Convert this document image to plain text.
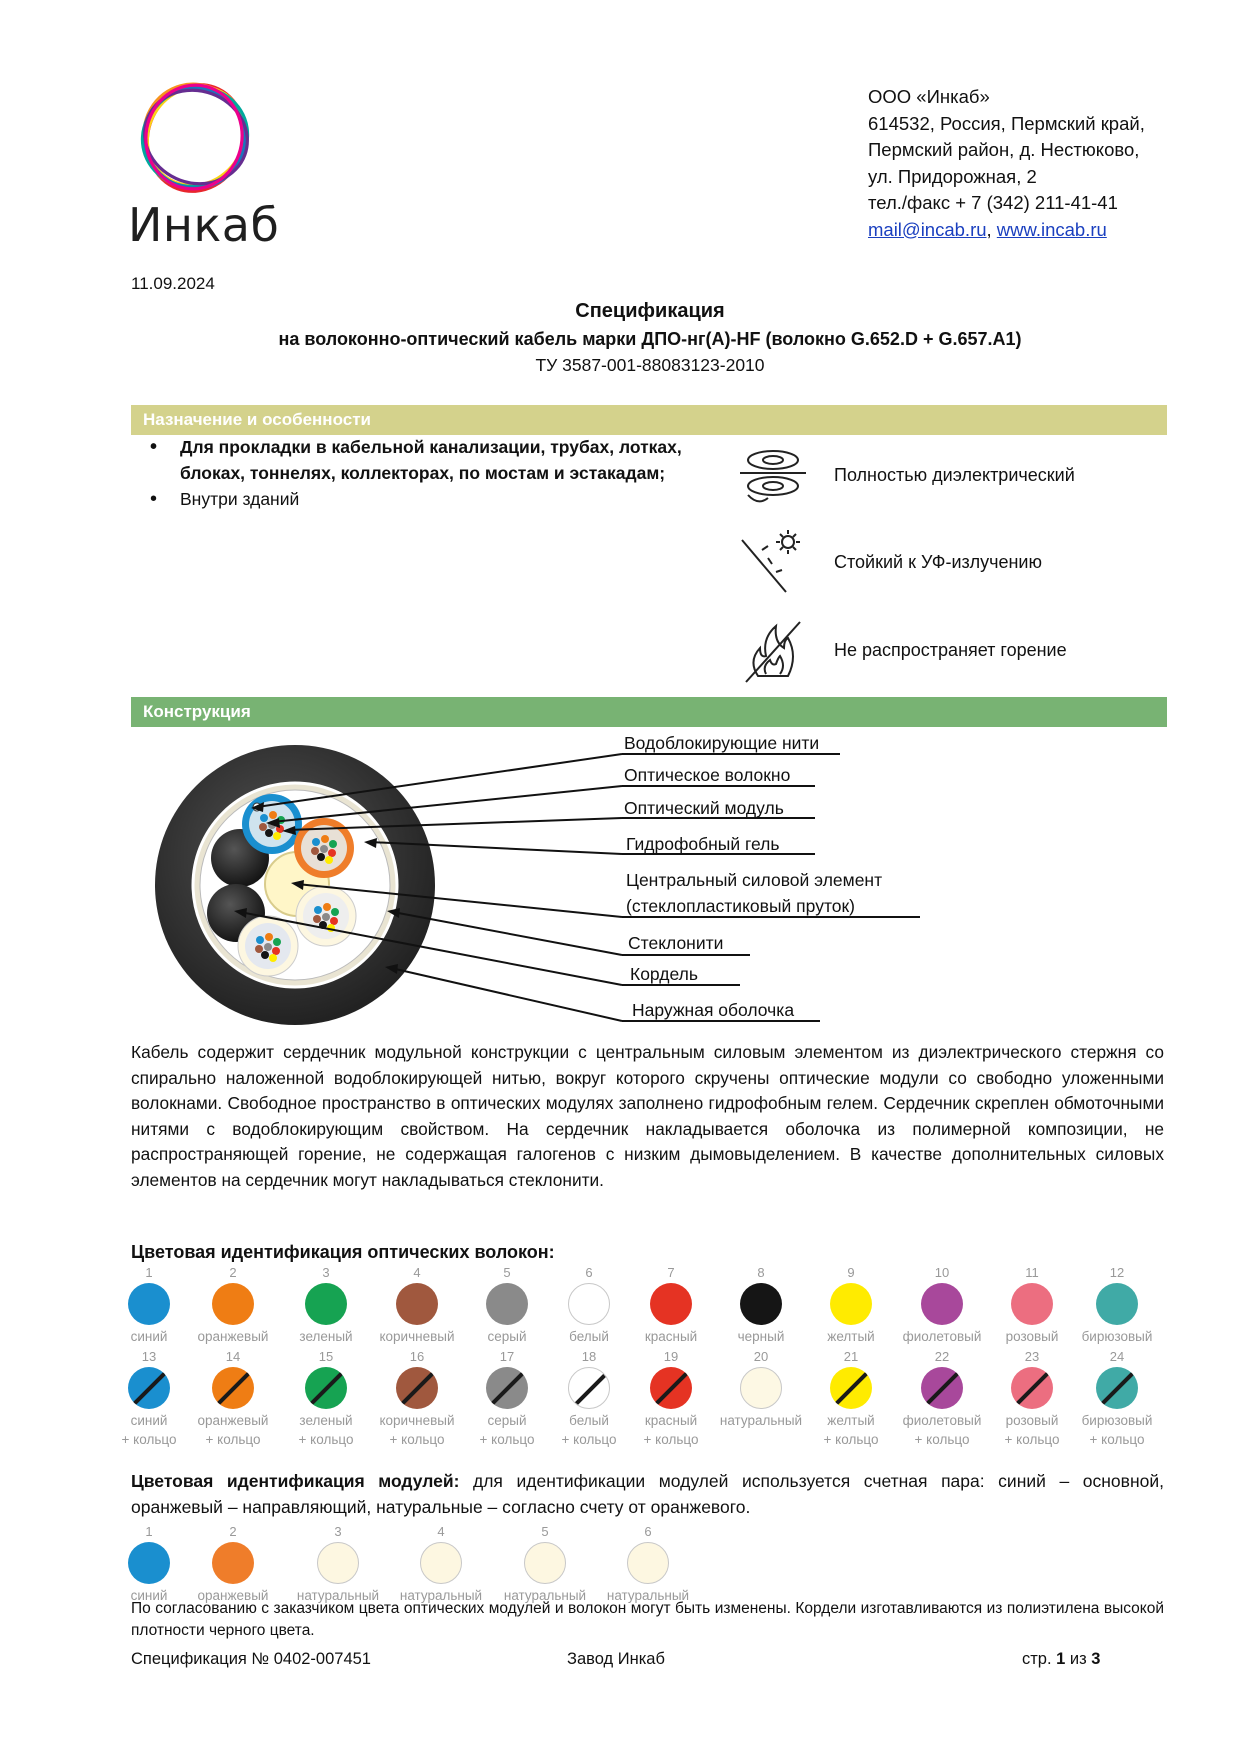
Инкаб
ООО «Инкаб»
614532, Россия, Пермский край,
Пермский район, д. Нестюково,
ул. Придорожная, 2
тел./факс + 7 (342) 211-41-41
mail@incab.ru, www.incab.ru
11.09.2024
Спецификация
на волоконно-оптический кабель марки ДПО-нг(А)-HF (волокно G.652.D + G.657.A1)
ТУ 3587-001-88083123-2010
Назначение и особенности
• Для прокладки в кабельной канализации, трубах, лотках, блоках, тоннелях, коллекторах, по мостам и эстакадам;
• Внутри зданий
Полностью диэлектрический
Стойкий к УФ-излучению
Не распространяет горение
Конструкция
Водоблокирующие нити
Оптическое волокно
Оптический модуль
Гидрофобный гель
Центральный силовой элемент
(стеклопластиковый пруток)
Стеклонити
Кордель
Наружная оболочка
Кабель содержит сердечник модульной конструкции с центральным силовым элементом из диэлектрического стержня со спирально наложенной водоблокирующей нитью, вокруг которого скручены оптические модули со свободно уложенными волокнами. Свободное пространство в оптических модулях заполнено гидрофобным гелем. Сердечник скреплен обмоточными нитями с водоблокирующим свойством. На сердечник накладывается оболочка из полимерной композиции, не распространяющей горение, не содержащая галогенов с низким дымовыделением. В качестве дополнительных силовых элементов на сердечник могут накладываться стеклонити.
Цветовая идентификация оптических волокон:
1
синий
2
оранжевый
3
зеленый
4
коричневый
5
серый
6
белый
7
красный
8
черный
9
желтый
10
фиолетовый
11
розовый
12
бирюзовый
13
синий
+ кольцо
14
оранжевый
+ кольцо
15
зеленый
+ кольцо
16
коричневый
+ кольцо
17
серый
+ кольцо
18
белый
+ кольцо
19
красный
+ кольцо
20
натуральный
21
желтый
+ кольцо
22
фиолетовый
+ кольцо
23
розовый
+ кольцо
24
бирюзовый
+ кольцо
Цветовая идентификация модулей: для идентификации модулей используется счетная пара: синий – основной, оранжевый – направляющий, натуральные – согласно счету от оранжевого.
1
синий
2
оранжевый
3
натуральный
4
натуральный
5
натуральный
6
натуральный
По согласованию с заказчиком цвета оптических модулей и волокон могут быть изменены. Кордели изготавливаются из полиэтилена высокой плотности черного цвета.
Спецификация № 0402-007451	Завод Инкаб	стр. 1 из 3
